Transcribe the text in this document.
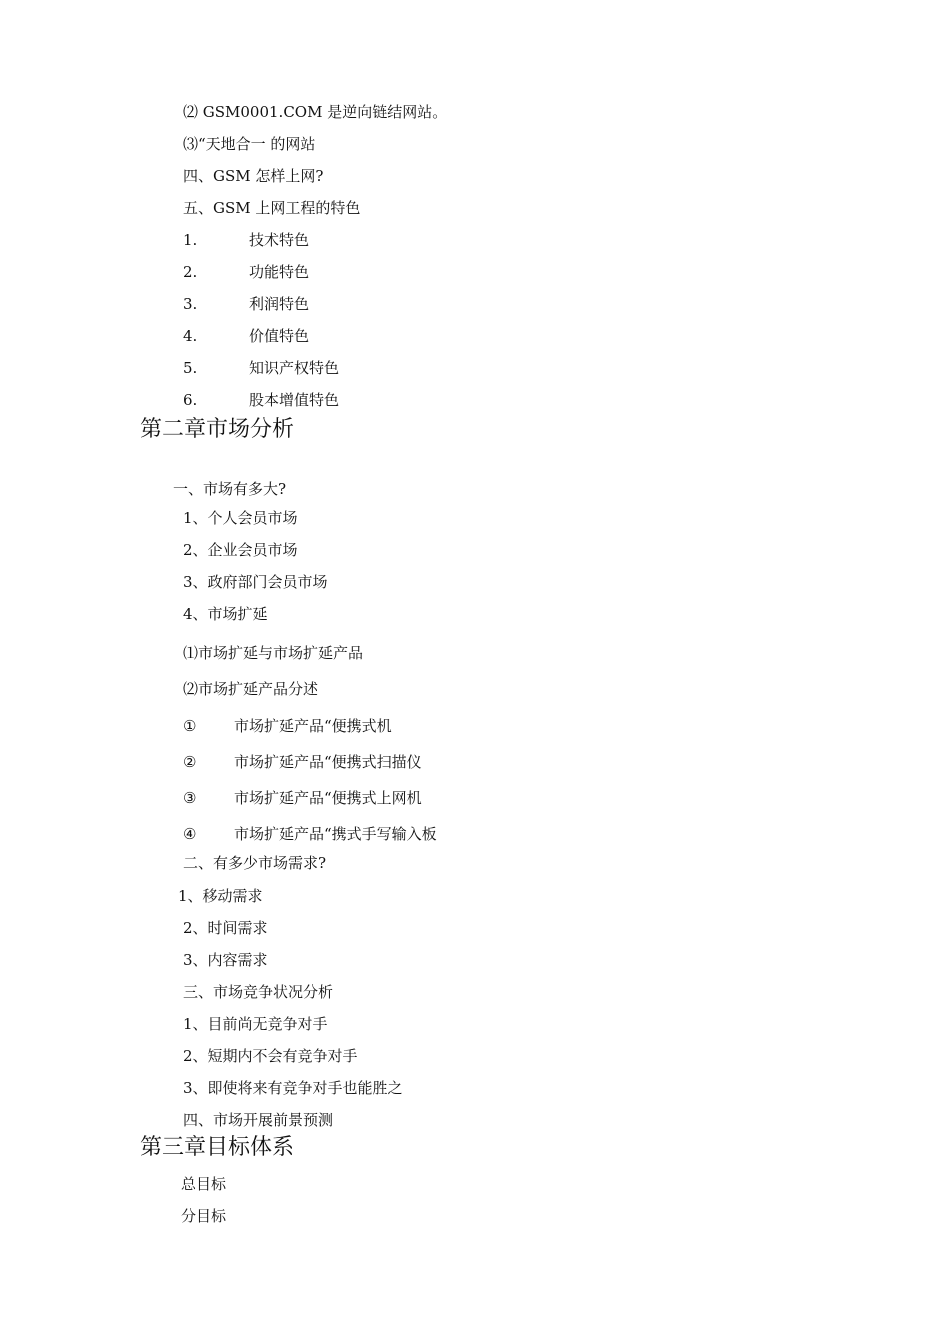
⑵ GSM0001.COM 是逆向链结网站。
⑶“天地合一 的网站
四、GSM 怎样上网?
五、GSM 上网工程的特色
1.	技术特色
2.	功能特色
3.	利润特色
4.	价值特色
5.	知识产权特色
6.	股本增值特色
第二章市场分析
一、市场有多大?
1、个人会员市场
2、企业会员市场
3、政府部门会员市场
4、市场扩延
⑴市场扩延与市场扩延产品
⑵市场扩延产品分述
①	市场扩延产品“便携式机
②	市场扩延产品“便携式扫描仪
③	市场扩延产品“便携式上网机
④	市场扩延产品“携式手写输入板
二、有多少市场需求?
1、移动需求
2、时间需求
3、内容需求
三、市场竞争状况分析
1、目前尚无竞争对手
2、短期内不会有竞争对手
3、即使将来有竞争对手也能胜之
四、市场开展前景预测
第三章目标体系
总目标
分目标
